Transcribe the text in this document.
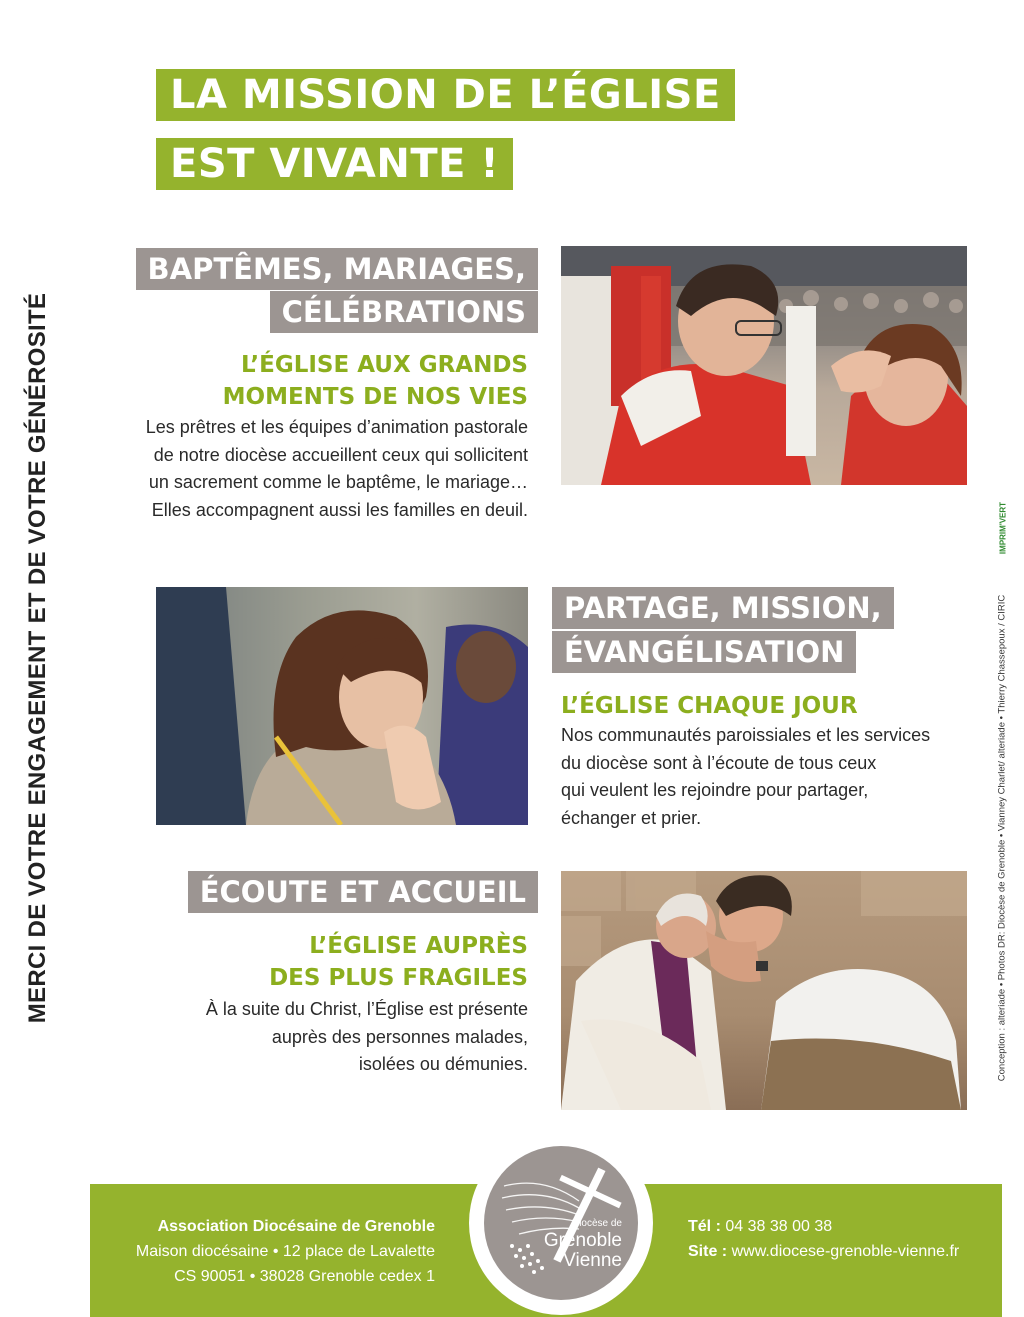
LA MISSION DE L’ÉGLISE
EST VIVANTE !
MERCI DE VOTRE ENGAGEMENT ET DE VOTRE GÉNÉROSITÉ	IMPRIM'VERT
Conception : alteriade • Photos DR: Diocèse de Grenoble • Vianney Charlet/ alteriade • Thierry Chassepoux / CIRIC
BAPTÊMES, MARIAGES,
CÉLÉBRATIONS
L’ÉGLISE AUX GRANDS
MOMENTS DE NOS VIES
Les prêtres et les équipes d’animation pastorale
de notre diocèse accueillent ceux qui sollicitent
un sacrement comme le baptême, le mariage…
Elles accompagnent aussi les familles en deuil.
PARTAGE, MISSION,
ÉVANGÉLISATION
L’ÉGLISE CHAQUE JOUR
Nos communautés paroissiales et les services
du diocèse sont à l’écoute de tous ceux
qui veulent les rejoindre pour partager,
échanger et prier.
ÉCOUTE ET ACCUEIL
L’ÉGLISE AUPRÈS
DES PLUS FRAGILES
À la suite du Christ, l’Église est présente
auprès des personnes malades,
isolées ou démunies.
Association Diocésaine de Grenoble
Maison diocésaine • 12 place de Lavalette
CS 90051 • 38028 Grenoble cedex 1
Tél : 04 38 38 00 38
Site : www.diocese-grenoble-vienne.fr
Diocèse de
Grenoble
Vienne
